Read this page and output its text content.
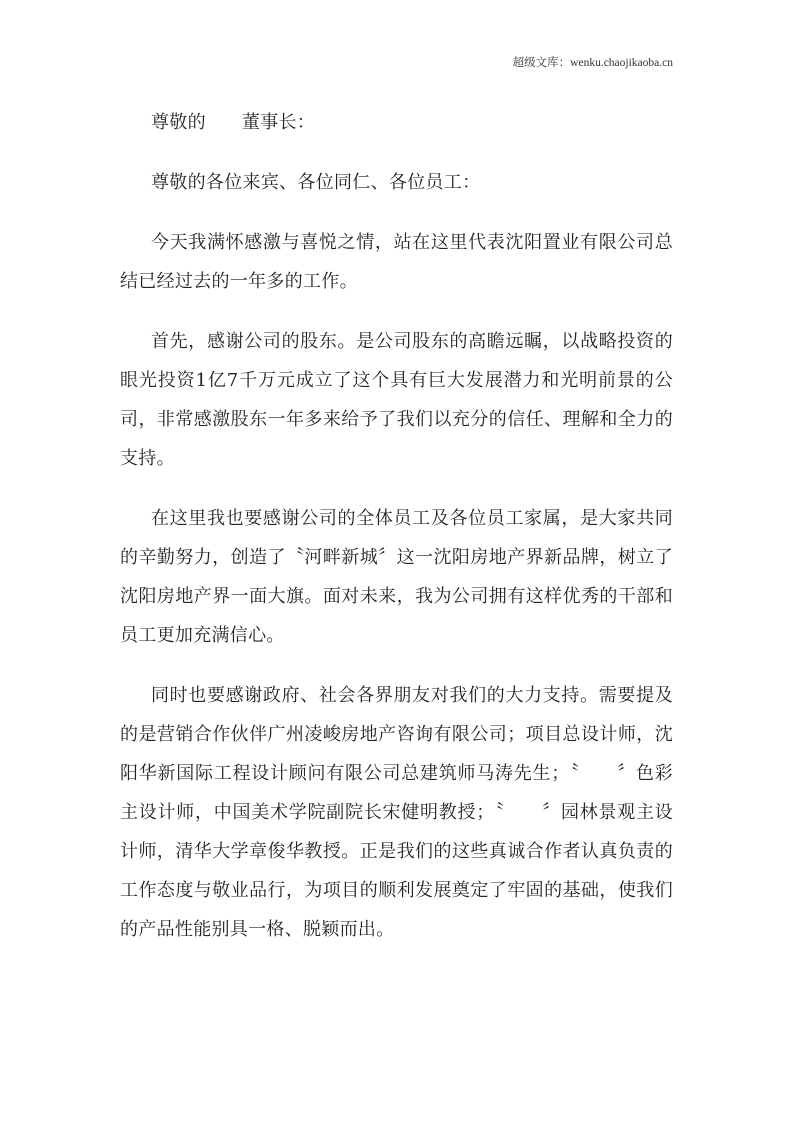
超级文库：wenku.chaojikaoba.cn

尊敬的 董事长：

尊敬的各位来宾、各位同仁、各位员工：

今天我满怀感激与喜悦之情，站在这里代表沈阳置业有限公司总结已经过去的一年多的工作。

首先，感谢公司的股东。是公司股东的高瞻远瞩，以战略投资的眼光投资1亿7千万元成立了这个具有巨大发展潜力和光明前景的公司，非常感激股东一年多来给予了我们以充分的信任、理解和全力的支持。

在这里我也要感谢公司的全体员工及各位员工家属，是大家共同的辛勤努力，创造了〝河畔新城〞这一沈阳房地产界新品牌，树立了沈阳房地产界一面大旗。面对未来，我为公司拥有这样优秀的干部和员工更加充满信心。

同时也要感谢政府、社会各界朋友对我们的大力支持。需要提及的是营销合作伙伴广州凌峻房地产咨询有限公司；项目总设计师，沈阳华新国际工程设计顾问有限公司总建筑师马涛先生；〝　　〞色彩主设计师，中国美术学院副院长宋健明教授；〝　　〞园林景观主设计师，清华大学章俊华教授。正是我们的这些真诚合作者认真负责的工作态度与敬业品行，为项目的顺利发展奠定了牢固的基础，使我们的产品性能别具一格、脱颖而出。
